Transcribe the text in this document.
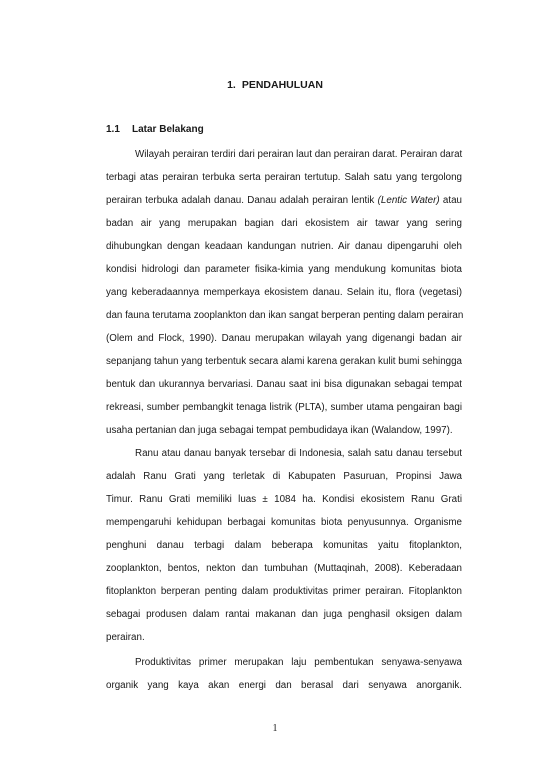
1. PENDAHULUAN
1.1 Latar Belakang
Wilayah perairan terdiri dari perairan laut dan perairan darat. Perairan darat
terbagi atas perairan terbuka serta perairan tertutup. Salah satu yang tergolong
perairan terbuka adalah danau. Danau adalah perairan lentik (Lentic Water) atau
badan air yang merupakan bagian dari ekosistem air tawar yang sering
dihubungkan dengan keadaan kandungan nutrien. Air danau dipengaruhi oleh
kondisi hidrologi dan parameter fisika-kimia yang mendukung komunitas biota
yang keberadaannya memperkaya ekosistem danau. Selain itu, flora (vegetasi)
dan fauna terutama zooplankton dan ikan sangat berperan penting dalam perairan
(Olem and Flock, 1990). Danau merupakan wilayah yang digenangi badan air
sepanjang tahun yang terbentuk secara alami karena gerakan kulit bumi sehingga
bentuk dan ukurannya bervariasi. Danau saat ini bisa digunakan sebagai tempat
rekreasi, sumber pembangkit tenaga listrik (PLTA), sumber utama pengairan bagi
usaha pertanian dan juga sebagai tempat pembudidaya ikan (Walandow, 1997).
Ranu atau danau banyak tersebar di Indonesia, salah satu danau tersebut
adalah Ranu Grati yang terletak di Kabupaten Pasuruan, Propinsi Jawa
Timur. Ranu Grati memiliki luas ± 1084 ha. Kondisi ekosistem Ranu Grati
mempengaruhi kehidupan berbagai komunitas biota penyusunnya. Organisme
penghuni danau terbagi dalam beberapa komunitas yaitu fitoplankton,
zooplankton, bentos, nekton dan tumbuhan (Muttaqinah, 2008). Keberadaan
fitoplankton berperan penting dalam produktivitas primer perairan. Fitoplankton
sebagai produsen dalam rantai makanan dan juga penghasil oksigen dalam
perairan.
Produktivitas primer merupakan laju pembentukan senyawa-senyawa
organik yang kaya akan energi dan berasal dari senyawa anorganik.
1
